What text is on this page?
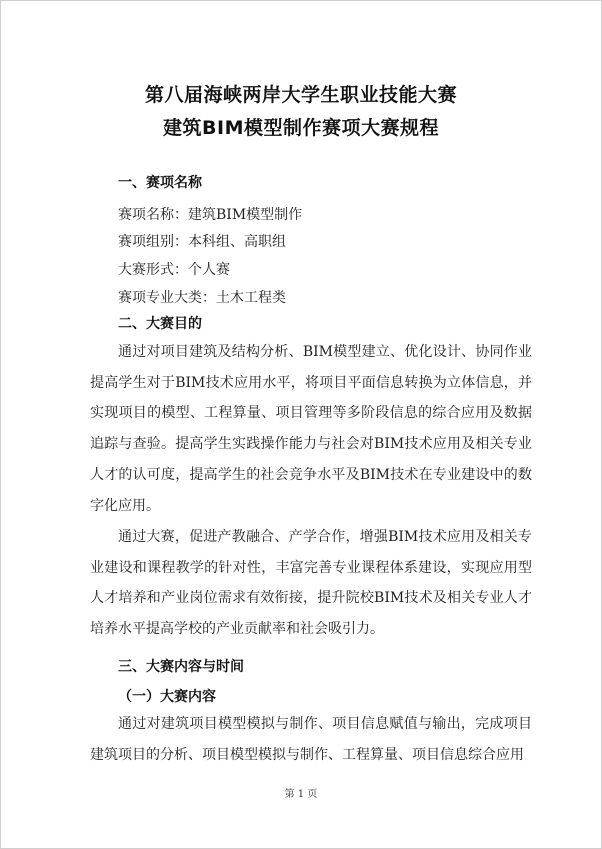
第八届海峡两岸大学生职业技能大赛
建筑BIM模型制作赛项大赛规程
一、赛项名称
赛项名称：建筑BIM模型制作
赛项组别：本科组、高职组
大赛形式：个人赛
赛项专业大类：土木工程类
二、大赛目的

通过对项目建筑及结构分析、BIM模型建立、优化设计、协同作业提高学生对于BIM技术应用水平，将项目平面信息转换为立体信息，并实现项目的模型、工程算量、项目管理等多阶段信息的综合应用及数据追踪与查验。提高学生实践操作能力与社会对BIM技术应用及相关专业人才的认可度，提高学生的社会竞争水平及BIM技术在专业建设中的数字化应用。

通过大赛，促进产教融合、产学合作，增强BIM技术应用及相关专业建设和课程教学的针对性，丰富完善专业课程体系建设，实现应用型人才培养和产业岗位需求有效衔接，提升院校BIM技术及相关专业人才培养水平提高学校的产业贡献率和社会吸引力。

三、大赛内容与时间
（一）大赛内容

通过对建筑项目模型模拟与制作、项目信息赋值与输出，完成项目建筑项目的分析、项目模型模拟与制作、工程算量、项目信息综合应用

第 1 页
